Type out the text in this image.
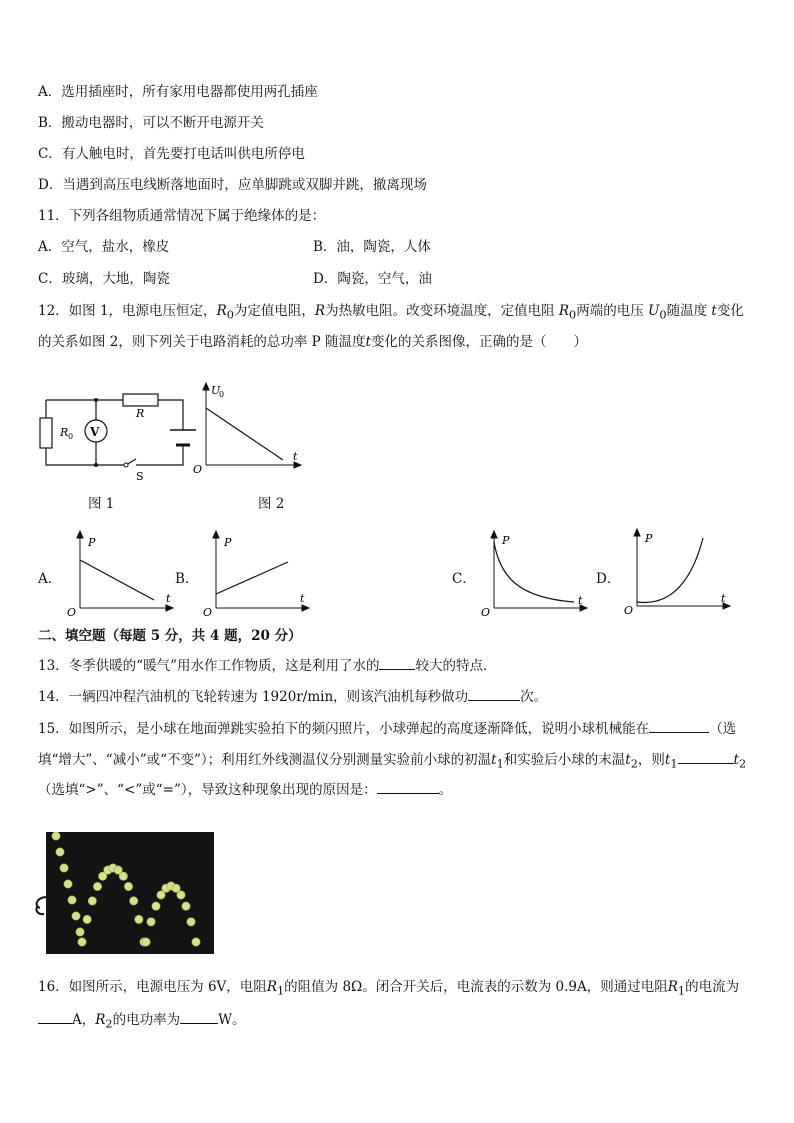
A．选用插座时，所有家用电器都使用两孔插座
B．搬动电器时，可以不断开电源开关
C．有人触电时，首先要打电话叫供电所停电
D．当遇到高压电线断落地面时，应单脚跳或双脚并跳，撤离现场
11．下列各组物质通常情况下属于绝缘体的是：
A．空气，盐水，橡皮	B．油，陶瓷，人体
C．玻璃，大地，陶瓷	D．陶瓷，空气，油
12．如图 1，电源电压恒定，$R_0$为定值电阻，R为热敏电阻。改变环境温度，定值电阻 $R_0$两端的电压 $U_0$随温度 t变化
的关系如图 2，则下列关于电路消耗的总功率 P 随温度t变化的关系图像，正确的是（　　）
V
R 0
R
S
U
0
O
t
图 1	图 2
A．
P
O
t
B．
P
O
t
C．
P
O
t
D．
P
O
t
二、填空题（每题 5 分，共 4 题，20 分）
13．冬季供暖的“暖气”用水作工作物质，这是利用了水的	较大的特点．
14．一辆四冲程汽油机的飞轮转速为 1920r/min，则该汽油机每秒做功	次。
15．如图所示，是小球在地面弹跳实验拍下的频闪照片，小球弹起的高度逐渐降低，说明小球机械能在	（选
填“增大”、“减小”或“不变”）；利用红外线测温仪分别测量实验前小球的初温$t_1$和实验后小球的末温$t_2$，则$t_1$	$t_2$
（选填“>”、“<”或“=”），导致这种现象出现的原因是：	。
16．如图所示，电源电压为 6V，电阻$R_1$的阻值为 8Ω。闭合开关后，电流表的示数为 0.9A，则通过电阻$R_1$的电流为
A，$R_2$的电功率为	W。
